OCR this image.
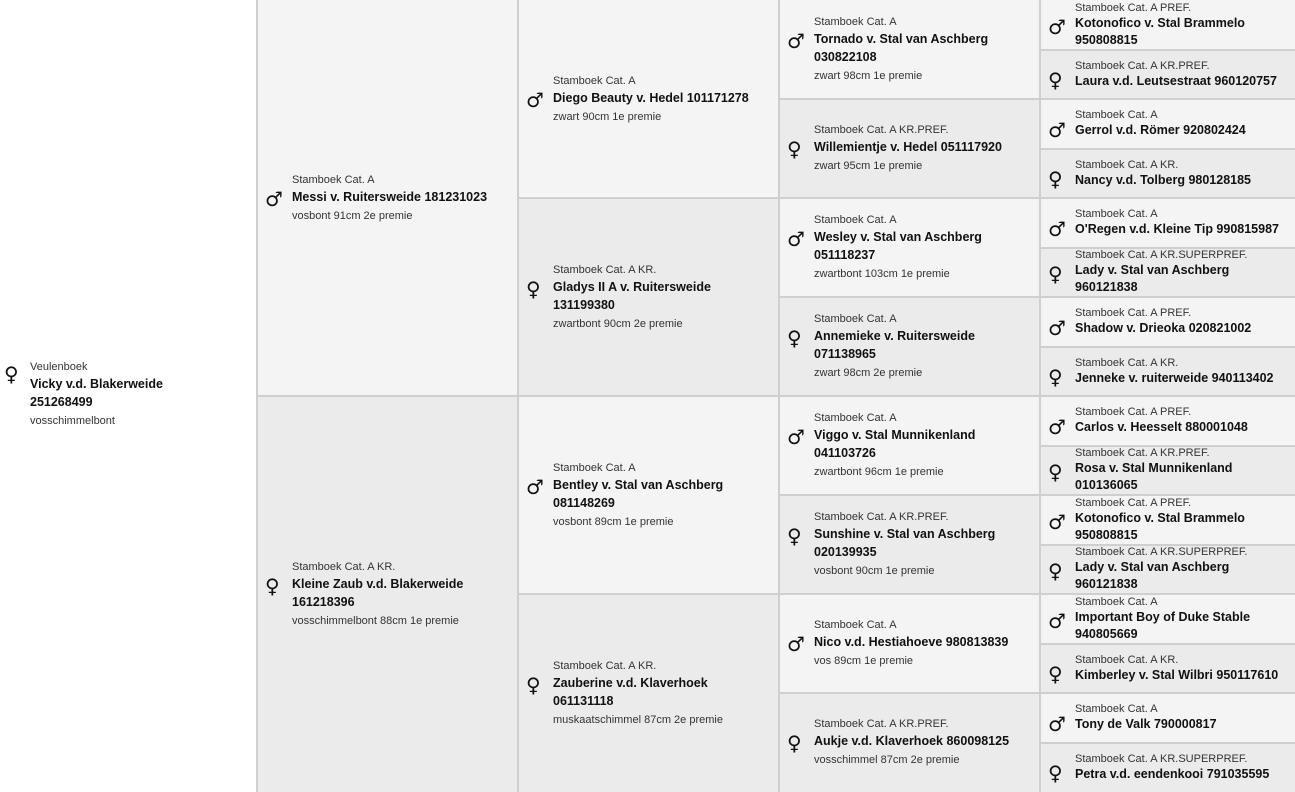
♀ Veulenboek
Vicky v.d. Blakerweide 251268499
vosschimmelbont
♂
Stamboek Cat. A
Messi v. Ruitersweide 181231023
vosbont 91cm 2e premie
♀
Stamboek Cat. A KR.
Kleine Zaub v.d. Blakerweide 161218396
vosschimmelbont 88cm 1e premie
♂
Stamboek Cat. A
Diego Beauty v. Hedel 101171278
zwart 90cm 1e premie
♀
Stamboek Cat. A KR.
Gladys II A v. Ruitersweide 131199380
zwartbont 90cm 2e premie
♂
Stamboek Cat. A
Bentley v. Stal van Aschberg 081148269
vosbont 89cm 1e premie
♀
Stamboek Cat. A KR.
Zauberine v.d. Klaverhoek 061131118
muskaatschimmel 87cm 2e premie
♂
Stamboek Cat. A
Tornado v. Stal van Aschberg 030822108
zwart 98cm 1e premie
♀
Stamboek Cat. A KR.PREF.
Willemientje v. Hedel 051117920
zwart 95cm 1e premie
♂
Stamboek Cat. A
Wesley v. Stal van Aschberg 051118237
zwartbont 103cm 1e premie
♀
Stamboek Cat. A
Annemieke v. Ruitersweide 071138965
zwart 98cm 2e premie
♂
Stamboek Cat. A
Viggo v. Stal Munnikenland 041103726
zwartbont 96cm 1e premie
♀
Stamboek Cat. A KR.PREF.
Sunshine v. Stal van Aschberg 020139935
vosbont 90cm 1e premie
♂
Stamboek Cat. A
Nico v.d. Hestiahoeve 980813839
vos 89cm 1e premie
♀
Stamboek Cat. A KR.PREF.
Aukje v.d. Klaverhoek 860098125
vosschimmel 87cm 2e premie
♂
Stamboek Cat. A PREF.
Kotonofico v. Stal Brammelo 950808815
♀
Stamboek Cat. A KR.PREF.
Laura v.d. Leutsestraat 960120757
♂
Stamboek Cat. A
Gerrol v.d. Römer 920802424
♀
Stamboek Cat. A KR.
Nancy v.d. Tolberg 980128185
♂
Stamboek Cat. A
O'Regen v.d. Kleine Tip 990815987
♀
Stamboek Cat. A KR.SUPERPREF.
Lady v. Stal van Aschberg 960121838
♂
Stamboek Cat. A PREF.
Shadow v. Drieoka 020821002
♀
Stamboek Cat. A KR.
Jenneke v. ruiterweide 940113402
♂
Stamboek Cat. A PREF.
Carlos v. Heesselt 880001048
♀
Stamboek Cat. A KR.PREF.
Rosa v. Stal Munnikenland 010136065
♂
Stamboek Cat. A PREF.
Kotonofico v. Stal Brammelo 950808815
♀
Stamboek Cat. A KR.SUPERPREF.
Lady v. Stal van Aschberg 960121838
♂
Stamboek Cat. A
Important Boy of Duke Stable 940805669
♀
Stamboek Cat. A KR.
Kimberley v. Stal Wilbri 950117610
♂
Stamboek Cat. A
Tony de Valk 790000817
♀
Stamboek Cat. A KR.SUPERPREF.
Petra v.d. eendenkooi 791035595
